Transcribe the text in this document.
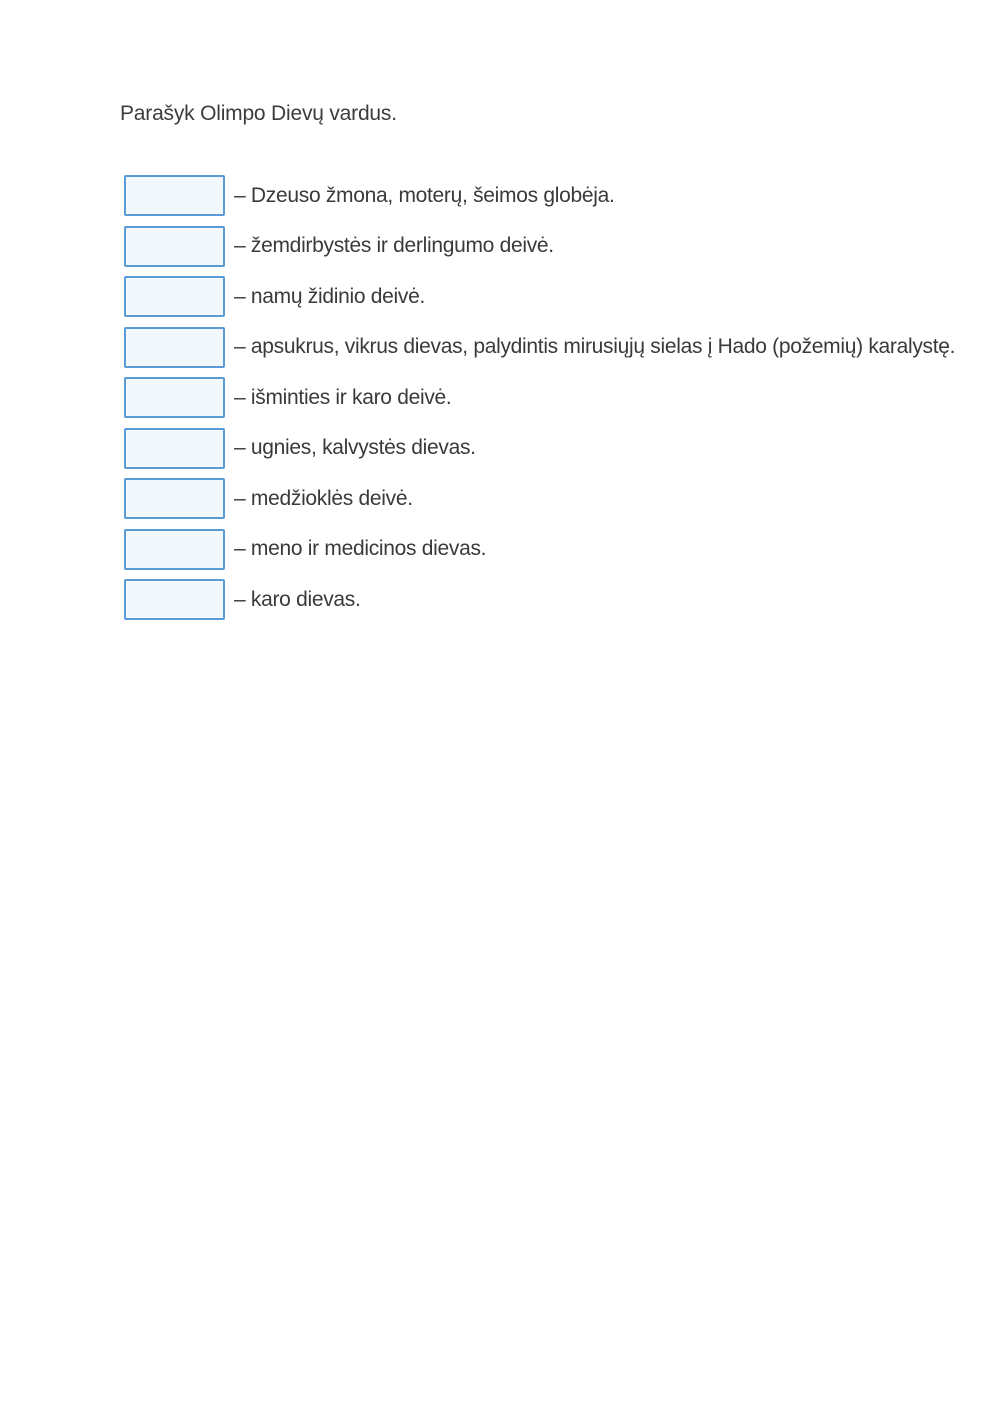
Parašyk Olimpo Dievų vardus.
– Dzeuso žmona, moterų, šeimos globėja.
– žemdirbystės ir derlingumo deivė.
– namų židinio deivė.
– apsukrus, vikrus dievas, palydintis mirusiųjų sielas į Hado (požemių) karalystę.
– išminties ir karo deivė.
– ugnies, kalvystės dievas.
– medžioklės deivė.
– meno ir medicinos dievas.
– karo dievas.
